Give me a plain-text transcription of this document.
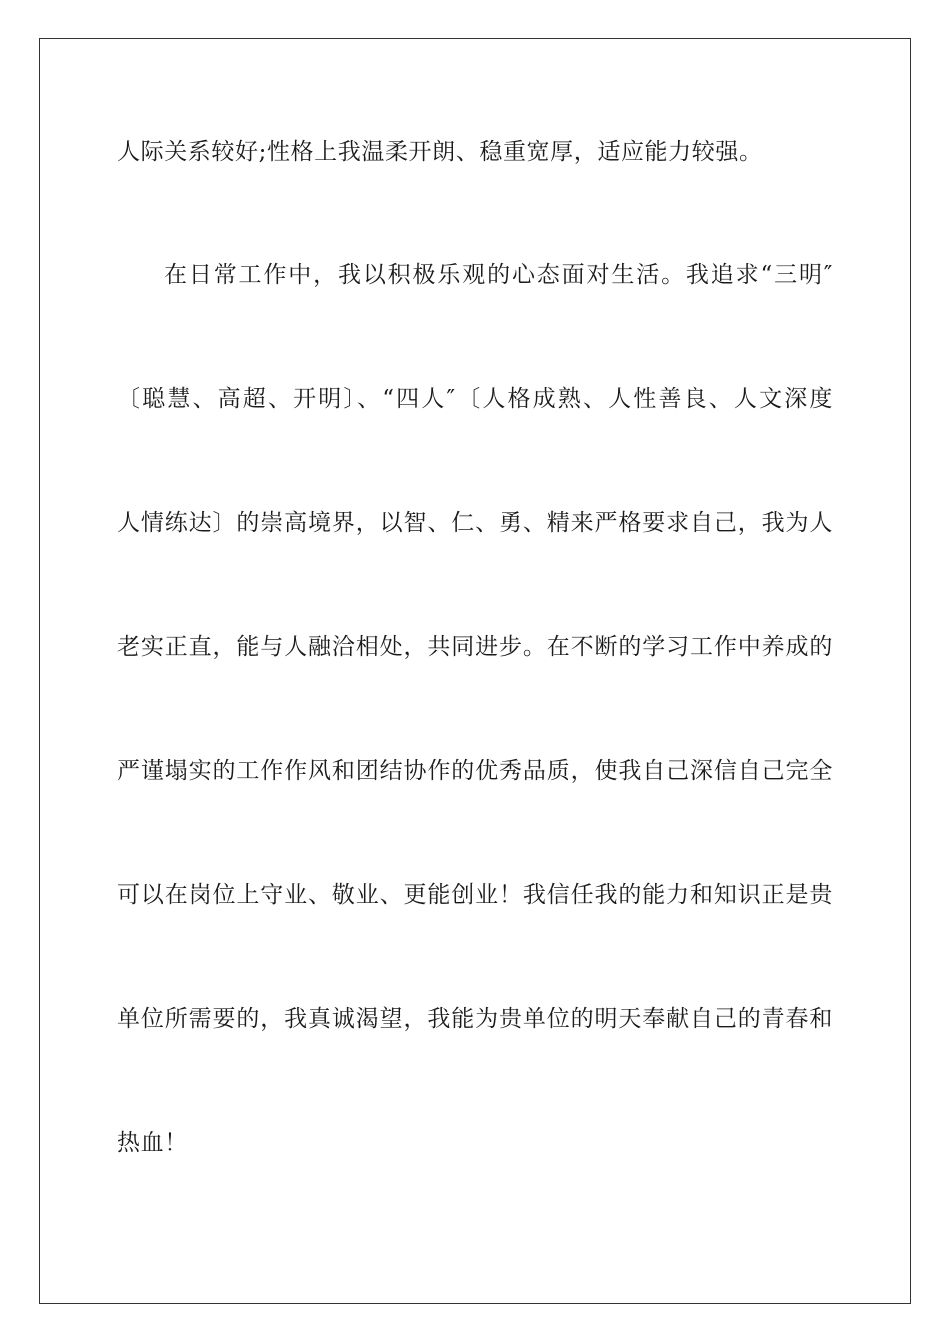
人际关系较好;性格上我温柔开朗、稳重宽厚，适应能力较强。
在日常工作中，我以积极乐观的心态面对生活。我追求“三明″
〔聪慧、高超、开明〕、“四人″〔人格成熟、人性善良、人文深度
人情练达〕的崇高境界，以智、仁、勇、精来严格要求自己，我为人
老实正直，能与人融洽相处，共同进步。在不断的学习工作中养成的
严谨塌实的工作作风和团结协作的优秀品质，使我自己深信自己完全
可以在岗位上守业、敬业、更能创业！我信任我的能力和知识正是贵
单位所需要的，我真诚渴望，我能为贵单位的明天奉献自己的青春和
热血！
